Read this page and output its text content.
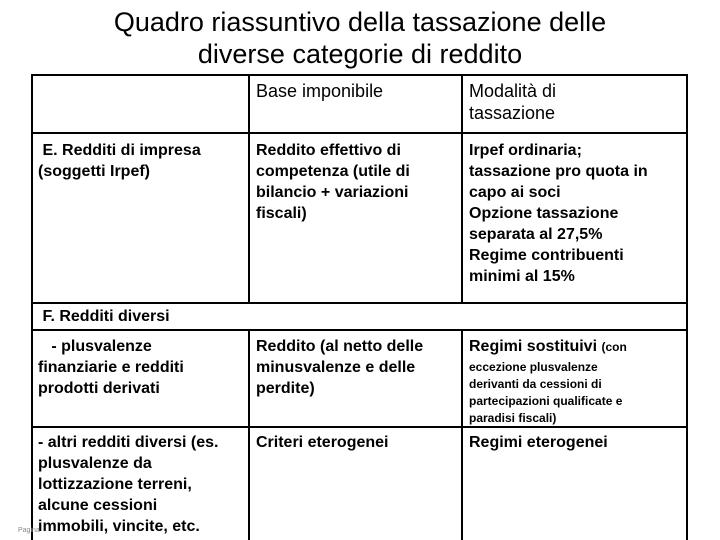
Quadro riassuntivo della tassazione delle
diverse categorie di reddito
Base imponibile	Modalità di
tassazione
E. Redditi di impresa
(soggetti Irpef)
Reddito effettivo di
competenza (utile di
bilancio + variazioni
fiscali)
Irpef ordinaria;
tassazione pro quota in
capo ai soci
Opzione tassazione
separata al 27,5%
Regime contribuenti
minimi al 15%
F. Redditi diversi
- plusvalenze
finanziarie e redditi
prodotti derivati
Reddito (al netto delle
minusvalenze e delle
perdite)
Regimi sostituivi (con
eccezione plusvalenze
derivanti da cessioni di
partecipazioni qualificate e
paradisi fiscali)
- altri redditi diversi (es.
plusvalenze da
lottizzazione terreni,
alcune cessioni
immobili, vincite, etc.
Criteri eterogenei	Regimi eterogenei
Pagina
